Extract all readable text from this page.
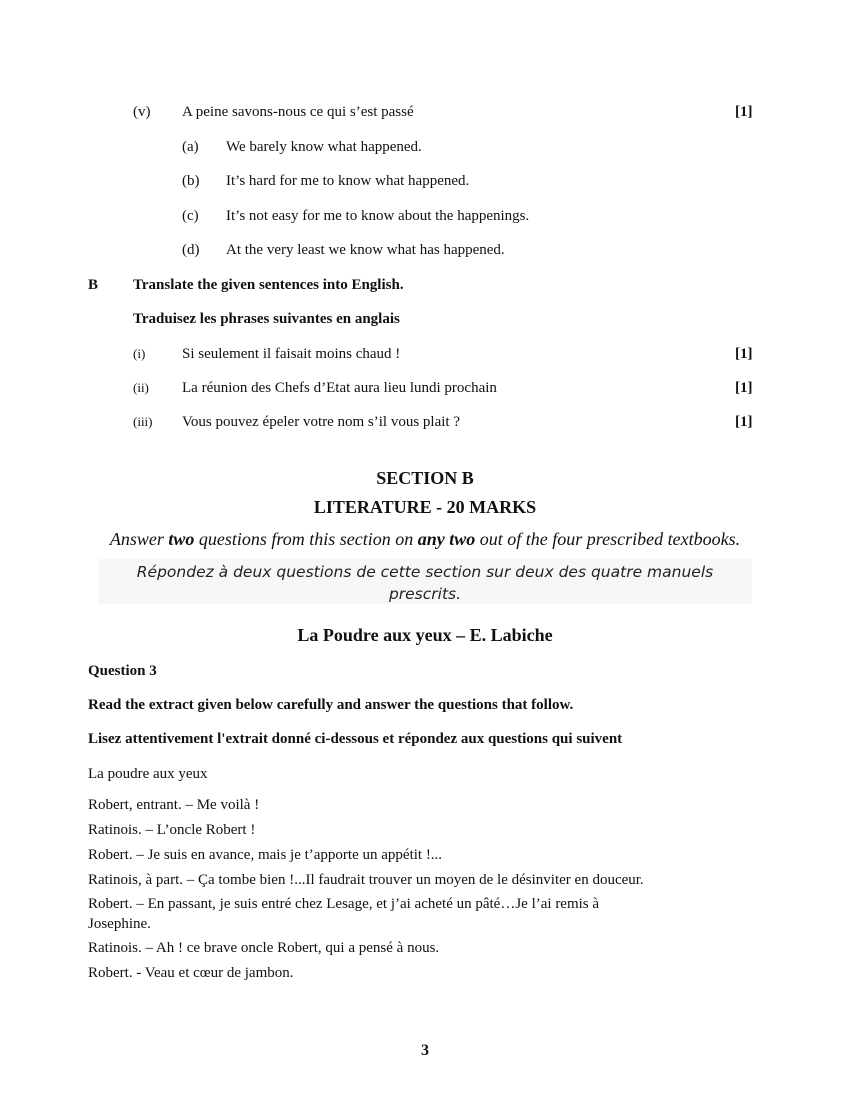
(v) A peine savons-nous ce qui s’est passé	[1]
(a) We barely know what happened.
(b) It’s hard for me to know what happened.
(c) It’s not easy for me to know about the happenings.
(d) At the very least we know what has happened.
B Translate the given sentences into English.
Traduisez les phrases suivantes en anglais
(i) Si seulement il faisait moins chaud !	[1]
(ii) La réunion des Chefs d’Etat aura lieu lundi prochain	[1]
(iii) Vous pouvez épeler votre nom s’il vous plait ?	[1]
SECTION B
LITERATURE - 20 MARKS
Answer two questions from this section on any two out of the four prescribed textbooks.
Répondez à deux questions de cette section sur deux des quatre manuels
prescrits.
La Poudre aux yeux – E. Labiche
Question 3
Read the extract given below carefully and answer the questions that follow.
Lisez attentivement l'extrait donné ci-dessous et répondez aux questions qui suivent
La poudre aux yeux
Robert, entrant. – Me voilà !
Ratinois. – L’oncle Robert !
Robert. – Je suis en avance, mais je t’apporte un appétit !...
Ratinois, à part. – Ça tombe bien !...Il faudrait trouver un moyen de le désinviter en douceur.
Robert. – En passant, je suis entré chez Lesage, et j’ai acheté un pâté…Je l’ai remis à
Josephine.
Ratinois. – Ah ! ce brave oncle Robert, qui a pensé à nous.
Robert. - Veau et cœur de jambon.
3
